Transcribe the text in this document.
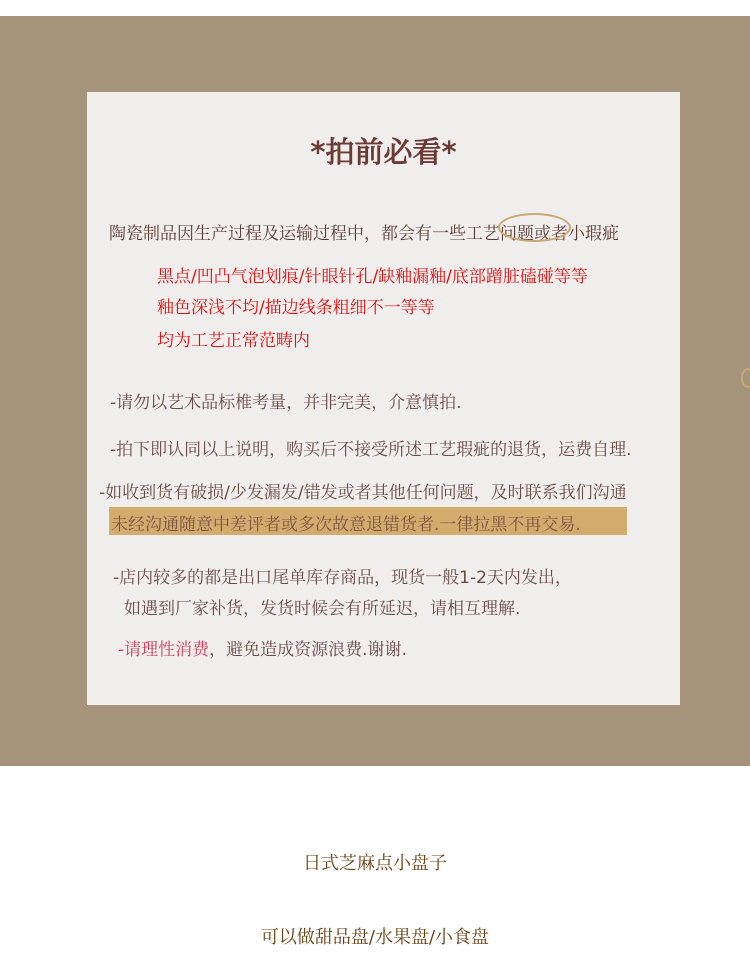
*拍前必看*
陶瓷制品因生产过程及运输过程中，都会有一些工艺问题或者小瑕疵
黑点/凹凸气泡划痕/针眼针孔/缺釉漏釉/底部蹭脏磕碰等等
釉色深浅不均/描边线条粗细不一等等
均为工艺正常范畴内
-请勿以艺术品标椎考量，并非完美，介意慎拍.
-拍下即认同以上说明，购买后不接受所述工艺瑕疵的退货，运费自理.
-如收到货有破损/少发漏发/错发或者其他任何问题，及时联系我们沟通
未经沟通随意中差评者或多次故意退错货者.一律拉黑不再交易.
-店内较多的都是出口尾单库存商品，现货一般1-2天内发出，
如遇到厂家补货，发货时候会有所延迟，请相互理解.
-请理性消费，避免造成资源浪费.谢谢.
日式芝麻点小盘子
可以做甜品盘/水果盘/小食盘
